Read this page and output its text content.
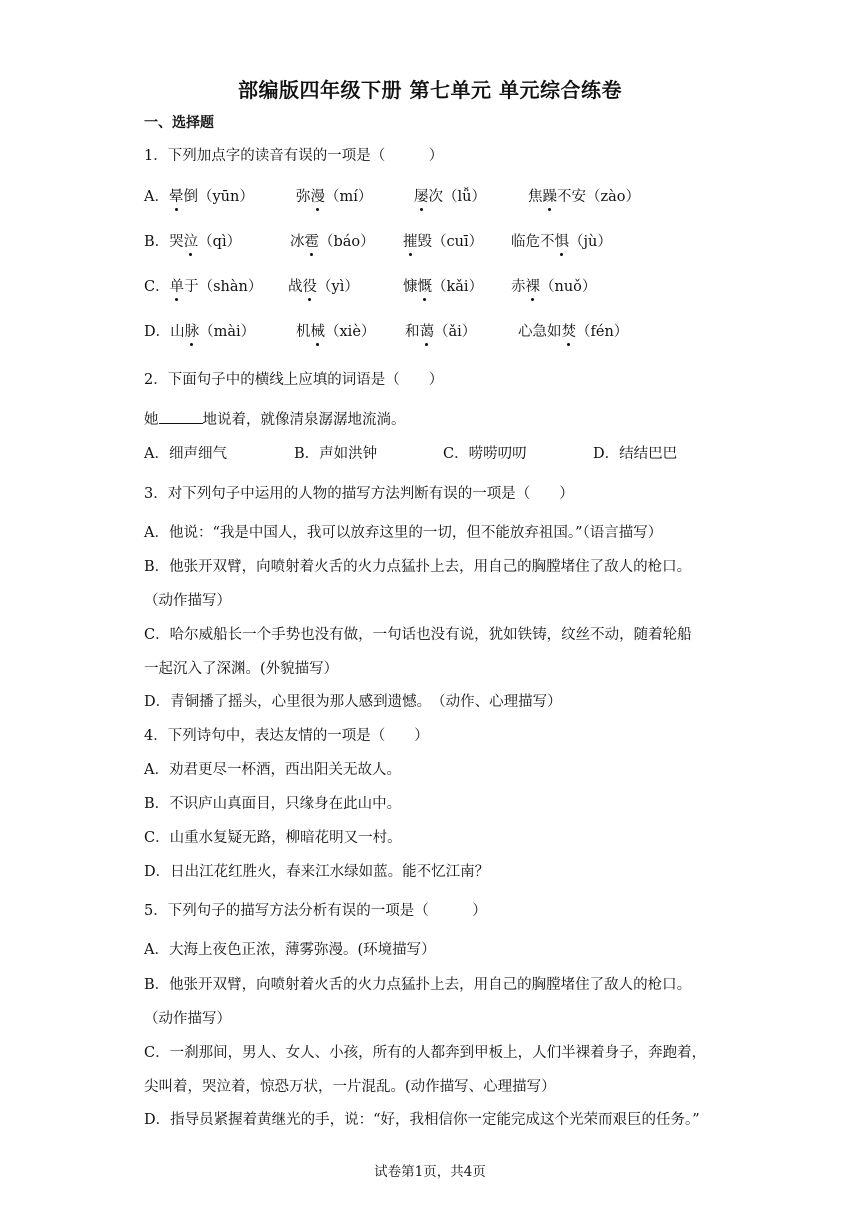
部编版四年级下册 第七单元 单元综合练卷
一、选择题
1．下列加点字的读音有误的一项是（　　　）
A．晕倒（yūn）	弥漫（mí）	屡次（lǚ）	焦躁不安（zào）
B．哭泣（qì）	冰雹（báo） 摧毁（cuī） 临危不惧（jù）
C．单于（shàn） 战役（yì）	慷慨（kǎi） 赤裸（nuǒ）
D．山脉（mài）	机械（xiè） 和蔼（ǎi）	心急如焚（fén）
2．下面句子中的横线上应填的词语是（　　）
她	地说着，就像清泉潺潺地流淌。
A．细声细气	B．声如洪钟	C．唠唠叨叨	D．结结巴巴
3．对下列句子中运用的人物的描写方法判断有误的一项是（　　）
A．他说：“我是中国人，我可以放弃这里的一切，但不能放弃祖国。”（语言描写）
B．他张开双臂，向喷射着火舌的火力点猛扑上去，用自己的胸膛堵住了敌人的枪口。
（动作描写）
C．哈尔威船长一个手势也没有做，一句话也没有说，犹如铁铸，纹丝不动，随着轮船
一起沉入了深渊。(外貌描写）
D．青铜播了摇头，心里很为那人感到遗憾。　（动作、心理描写）
4．下列诗句中，表达友情的一项是（　　）
A．劝君更尽一杯酒，西出阳关无故人。
B．不识庐山真面目，只缘身在此山中。
C．山重水复疑无路，柳暗花明又一村。
D．日出江花红胜火，春来江水绿如蓝。能不忆江南？
5．下列句子的描写方法分析有误的一项是（　　　）
A．大海上夜色正浓，薄雾弥漫。(环境描写）
B．他张开双臂，向喷射着火舌的火力点猛扑上去，用自己的胸膛堵住了敌人的枪口。
（动作描写）
C．一刹那间，男人、女人、小孩，所有的人都奔到甲板上，人们半裸着身子，奔跑着，
尖叫着，哭泣着，惊恐万状，一片混乱。(动作描写、心理描写）
D．指导员紧握着黄继光的手，说：“好，我相信你一定能完成这个光荣而艰巨的任务。”
试卷第1页，共4页
